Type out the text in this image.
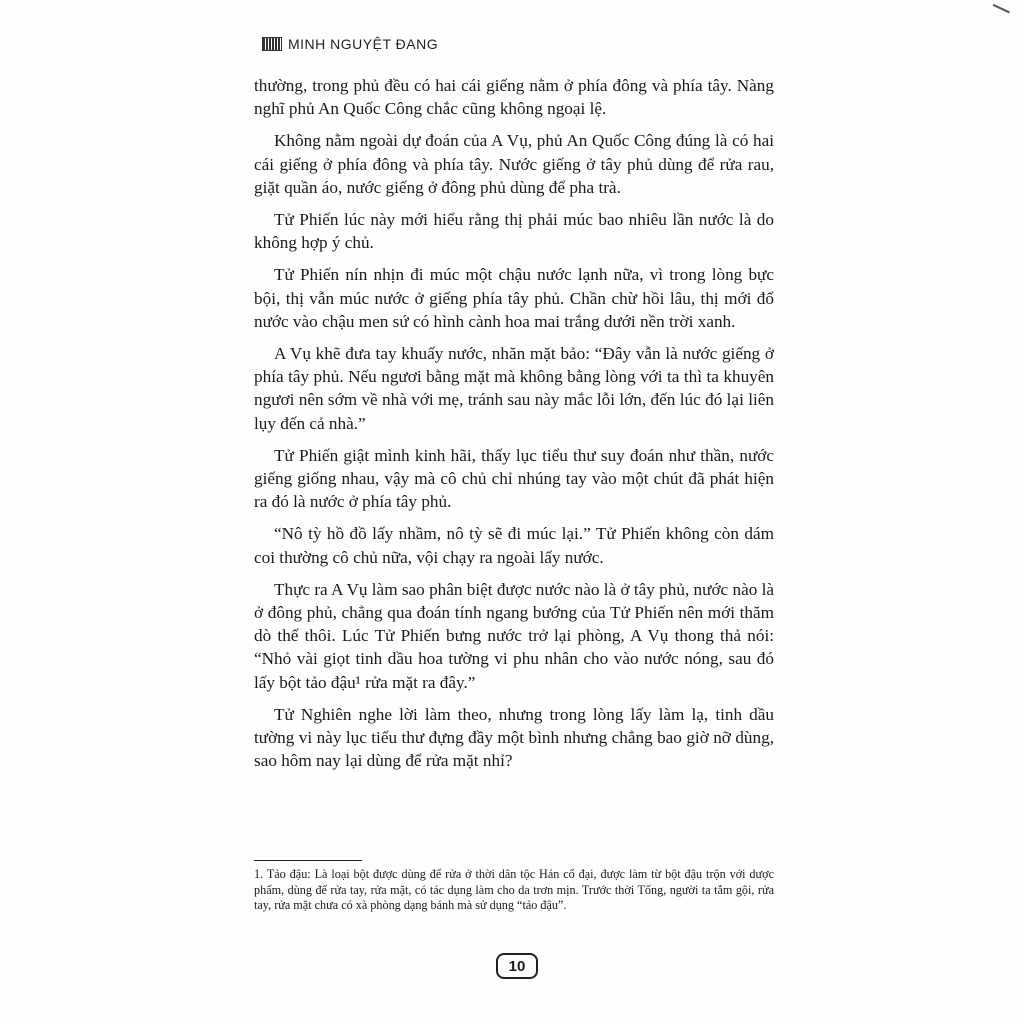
MINH NGUYỆT ĐANG

thường, trong phủ đều có hai cái giếng nằm ở phía đông và phía tây. Nàng nghĩ phủ An Quốc Công chắc cũng không ngoại lệ.

Không nằm ngoài dự đoán của A Vụ, phủ An Quốc Công đúng là có hai cái giếng ở phía đông và phía tây. Nước giếng ở tây phủ dùng để rửa rau, giặt quần áo, nước giếng ở đông phủ dùng để pha trà.

Tử Phiến lúc này mới hiểu rằng thị phải múc bao nhiêu lần nước là do không hợp ý chủ.

Tử Phiến nín nhịn đi múc một chậu nước lạnh nữa, vì trong lòng bực bội, thị vẫn múc nước ở giếng phía tây phủ. Chần chừ hồi lâu, thị mới đổ nước vào chậu men sứ có hình cành hoa mai trắng dưới nền trời xanh.

A Vụ khẽ đưa tay khuấy nước, nhăn mặt bảo: “Đây vẫn là nước giếng ở phía tây phủ. Nếu ngươi bằng mặt mà không bằng lòng với ta thì ta khuyên ngươi nên sớm về nhà với mẹ, tránh sau này mắc lỗi lớn, đến lúc đó lại liên lụy đến cả nhà.”

Tử Phiến giật mình kinh hãi, thấy lục tiểu thư suy đoán như thần, nước giếng giống nhau, vậy mà cô chủ chỉ nhúng tay vào một chút đã phát hiện ra đó là nước ở phía tây phủ.

“Nô tỳ hồ đồ lấy nhầm, nô tỳ sẽ đi múc lại.” Tử Phiến không còn dám coi thường cô chủ nữa, vội chạy ra ngoài lấy nước.

Thực ra A Vụ làm sao phân biệt được nước nào là ở tây phủ, nước nào là ở đông phủ, chẳng qua đoán tính ngang bướng của Tử Phiến nên mới thăm dò thế thôi. Lúc Tử Phiến bưng nước trở lại phòng, A Vụ thong thả nói: “Nhỏ vài giọt tinh dầu hoa tường vi phu nhân cho vào nước nóng, sau đó lấy bột tảo đậu¹ rửa mặt ra đây.”

Tử Nghiên nghe lời làm theo, nhưng trong lòng lấy làm lạ, tinh dầu tường vi này lục tiểu thư đựng đầy một bình nhưng chẳng bao giờ nỡ dùng, sao hôm nay lại dùng để rửa mặt nhỉ?

1. Tảo đậu: Là loại bột được dùng để rửa ở thời dân tộc Hán cổ đại, được làm từ bột đậu trộn với dược phẩm, dùng để rửa tay, rửa mặt, có tác dụng làm cho da trơn mịn. Trước thời Tống, người ta tắm gội, rửa tay, rửa mặt chưa có xà phòng dạng bánh mà sử dụng “tảo đậu”.
10
